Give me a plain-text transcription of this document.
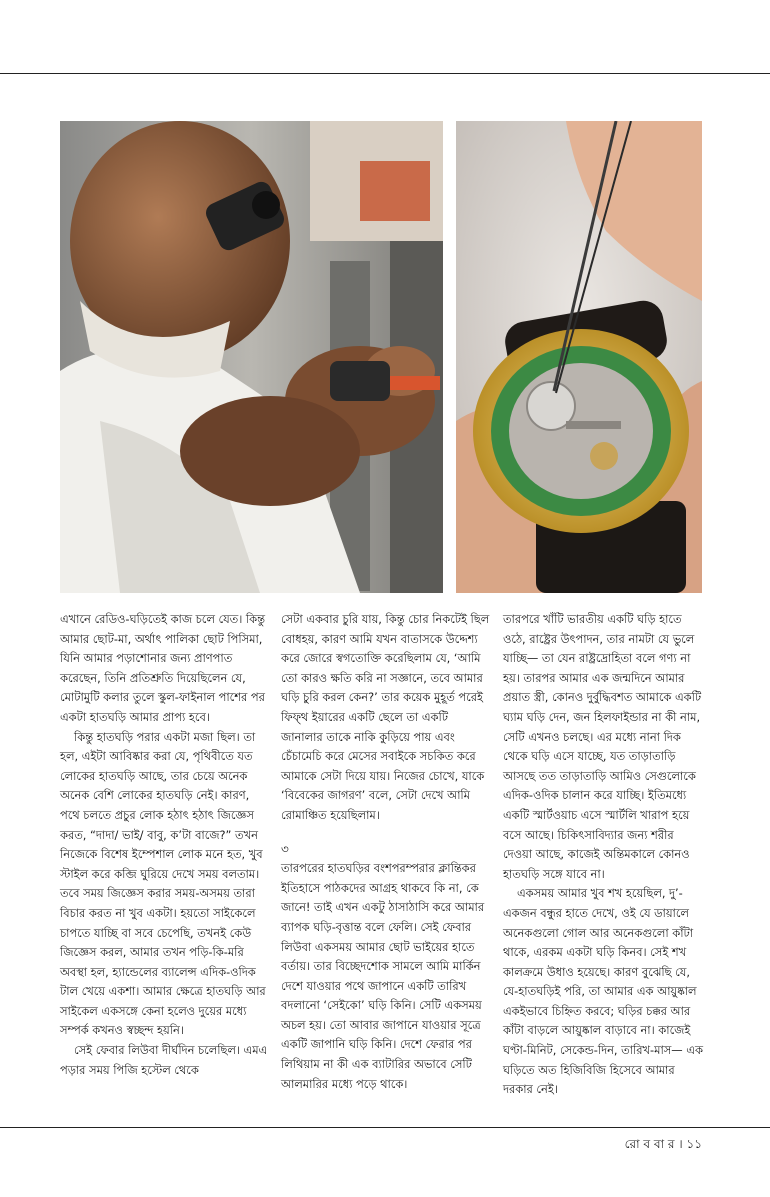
এখানে রেডিও-ঘড়িতেই কাজ চলে যেত। কিন্তু আমার ছোট-মা, অর্থাৎ পালিকা ছোট পিসিমা, যিনি আমার পড়াশোনার জন্য প্রাণপাত করেছেন, তিনি প্রতিশ্রুতি দিয়েছিলেন যে, মোটামুটি কলার তুলে স্কুল-ফাইনাল পাশের পর একটা হাতঘড়ি আমার প্রাপ্য হবে।

কিন্তু হাতঘড়ি পরার একটা মজা ছিল। তা হল, এইটা আবিষ্কার করা যে, পৃথিবীতে যত লোকের হাতঘড়ি আছে, তার চেয়ে অনেক অনেক বেশি লোকের হাতঘড়ি নেই। কারণ, পথে চলতে প্রচুর লোক হঠাৎ হঠাৎ জিজ্ঞেস করত, “দাদা/ ভাই/ বাবু, ক’টা বাজে?” তখন নিজেকে বিশেষ ইম্পেশাল লোক মনে হত, খুব স্টাইল করে কব্জি ঘুরিয়ে দেখে সময় বলতাম। তবে সময় জিজ্ঞেস করার সময়-অসময় তারা বিচার করত না খুব একটা। হয়তো সাইকেলে চাপতে যাচ্ছি বা সবে চেপেছি, তখনই কেউ জিজ্ঞেস করল, আমার তখন পড়ি-কি-মরি অবস্থা হল, হ্যান্ডেলের ব্যালেন্স এদিক-ওদিক টাল খেয়ে একশা। আমার ক্ষেত্রে হাতঘড়ি আর সাইকেল একসঙ্গে কেনা হলেও দুয়ের মধ্যে সম্পর্ক কখনও স্বচ্ছন্দ হয়নি।

সেই ফেবার লিউবা দীর্ঘদিন চলেছিল। এমএ পড়ার সময় পিজি হস্টেল থেকে

সেটা একবার চুরি যায়, কিন্তু চোর নিকটেই ছিল বোধহয়, কারণ আমি যখন বাতাসকে উদ্দেশ্য করে জোরে স্বগতোক্তি করেছিলাম যে, ‘আমি তো কারও ক্ষতি করি না সজ্ঞানে, তবে আমার ঘড়ি চুরি করল কেন?’ তার কয়েক মুহূর্ত পরেই ফিফ্‌থ ইয়ারের একটি ছেলে তা একটি জানালার তাকে নাকি কুড়িয়ে পায় এবং চেঁচামেচি করে মেসের সবাইকে সচকিত করে আমাকে সেটা দিয়ে যায়। নিজের চোখে, যাকে ‘বিবেকের জাগরণ’ বলে, সেটা দেখে আমি রোমাঞ্চিত হয়েছিলাম।

৩

তারপরের হাতঘড়ির বংশপরম্পরার ক্লান্তিকর ইতিহাসে পাঠকদের আগ্রহ থাকবে কি না, কে জানে! তাই এখন একটু ঠাসাঠাসি করে আমার ব্যাপক ঘড়ি-বৃত্তান্ত বলে ফেলি। সেই ফেবার লিউবা একসময় আমার ছোট ভাইয়ের হাতে বর্তায়। তার বিচ্ছেদশোক সামলে আমি মার্কিন দেশে যাওয়ার পথে জাপানে একটি তারিখ বদলানো ‘সেইকো’ ঘড়ি কিনি। সেটি একসময় অচল হয়। তো আবার জাপানে যাওয়ার সূত্রে একটি জাপানি ঘড়ি কিনি। দেশে ফেরার পর লিথিয়াম না কী এক ব্যাটারির অভাবে সেটি আলমারির মধ্যে পড়ে থাকে।

তারপরে খাঁটি ভারতীয় একটি ঘড়ি হাতে ওঠে, রাষ্ট্রের উৎপাদন, তার নামটা যে ভুলে যাচ্ছি— তা যেন রাষ্ট্রদ্রোহিতা বলে গণ্য না হয়। তারপর আমার এক জন্মদিনে আমার প্রয়াত স্ত্রী, কোনও দুর্বুদ্ধিবশত আমাকে একটি ঘ্যাম ঘড়ি দেন, জন হিলফাইন্ডার না কী নাম, সেটি এখনও চলছে। এর মধ্যে নানা দিক থেকে ঘড়ি এসে যাচ্ছে, যত তাড়াতাড়ি আসছে তত তাড়াতাড়ি আমিও সেগুলোকে এদিক-ওদিক চালান করে যাচ্ছি। ইতিমধ্যে একটি স্মার্টওয়াচ এসে স্মার্টলি খারাপ হয়ে বসে আছে। চিকিৎসাবিদ্যার জন্য শরীর দেওয়া আছে, কাজেই অন্তিমকালে কোনও হাতঘড়ি সঙ্গে যাবে না।

একসময় আমার খুব শখ হয়েছিল, দু’-একজন বন্ধুর হাতে দেখে, ওই যে ডায়ালে অনেকগুলো গোল আর অনেকগুলো কাঁটা থাকে, এরকম একটা ঘড়ি কিনব। সেই শখ কালক্রমে উধাও হয়েছে। কারণ বুঝেছি যে, যে-হাতঘড়িই পরি, তা আমার এক আয়ুষ্কাল একইভাবে চিহ্নিত করবে; ঘড়ির চক্কর আর কাঁটা বাড়লে আয়ুষ্কাল বাড়াবে না। কাজেই ঘণ্টা-মিনিট, সেকেন্ড-দিন, তারিখ-মাস— এক ঘড়িতে অত হিজিবিজি হিসেবে আমার দরকার নেই।

রো ব বা র । ১১
